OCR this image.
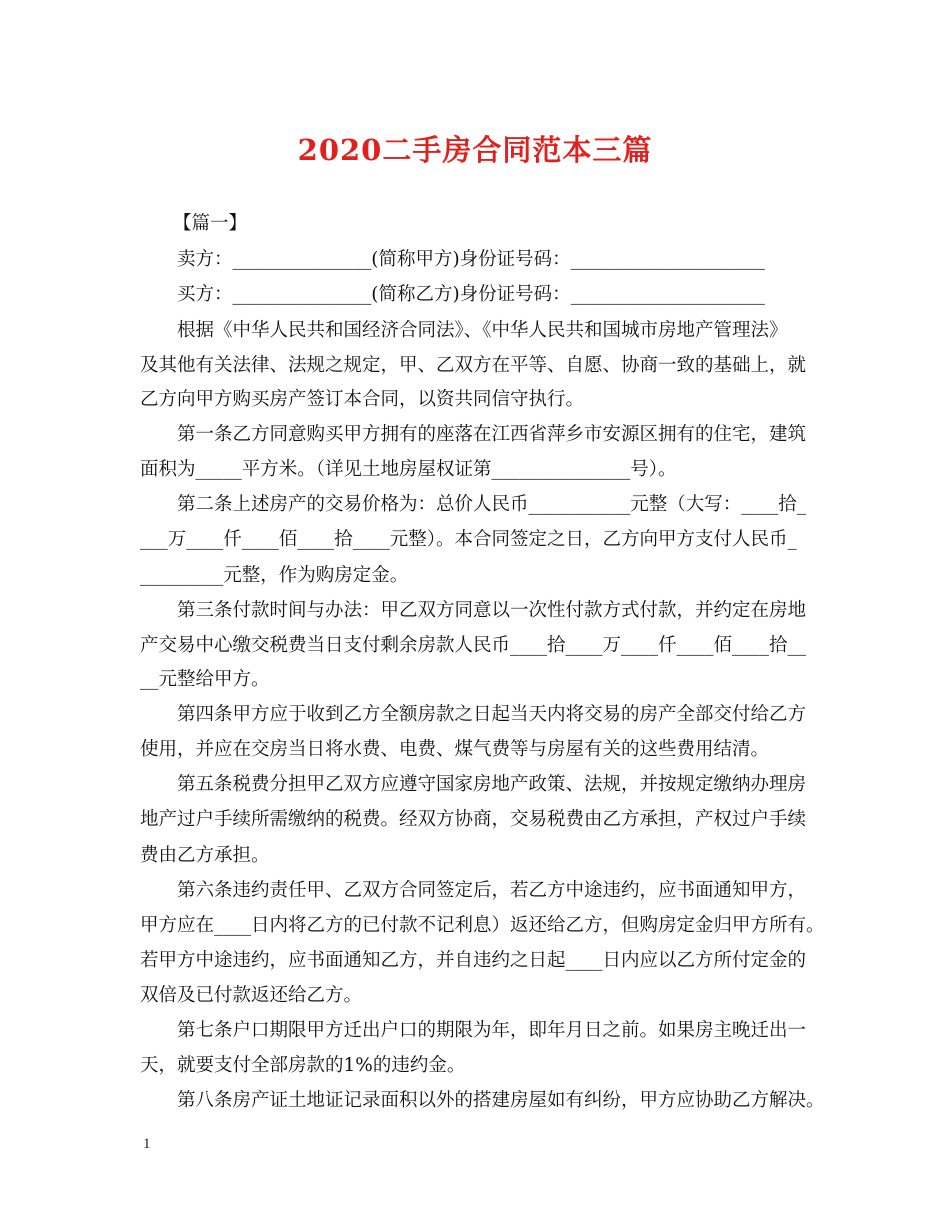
2020二手房合同范本三篇
【篇一】
卖方：_______________(简称甲方)身份证号码：_____________________
买方：_______________(简称乙方)身份证号码：_____________________
根据《中华人民共和国经济合同法》、《中华人民共和国城市房地产管理法》
及其他有关法律、法规之规定，甲、乙双方在平等、自愿、协商一致的基础上，就
乙方向甲方购买房产签订本合同，以资共同信守执行。
第一条乙方同意购买甲方拥有的座落在江西省萍乡市安源区拥有的住宅，建筑
面积为_____平方米。（详见土地房屋权证第_______________号）。
第二条上述房产的交易价格为：总价人民币___________元整（大写：____拾_
___万____仟____佰____拾____元整）。本合同签定之日，乙方向甲方支付人民币_
_________元整，作为购房定金。
第三条付款时间与办法：甲乙双方同意以一次性付款方式付款，并约定在房地
产交易中心缴交税费当日支付剩余房款人民币____拾____万____仟____佰____拾__
__元整给甲方。
第四条甲方应于收到乙方全额房款之日起当天内将交易的房产全部交付给乙方
使用，并应在交房当日将水费、电费、煤气费等与房屋有关的这些费用结清。
第五条税费分担甲乙双方应遵守国家房地产政策、法规，并按规定缴纳办理房
地产过户手续所需缴纳的税费。经双方协商，交易税费由乙方承担，产权过户手续
费由乙方承担。
第六条违约责任甲、乙双方合同签定后，若乙方中途违约，应书面通知甲方，
甲方应在____日内将乙方的已付款不记利息）返还给乙方，但购房定金归甲方所有。
若甲方中途违约，应书面通知乙方，并自违约之日起____日内应以乙方所付定金的
双倍及已付款返还给乙方。
第七条户口期限甲方迁出户口的期限为年，即年月日之前。如果房主晚迁出一
天，就要支付全部房款的1%的违约金。
第八条房产证土地证记录面积以外的搭建房屋如有纠纷，甲方应协助乙方解决。
1
